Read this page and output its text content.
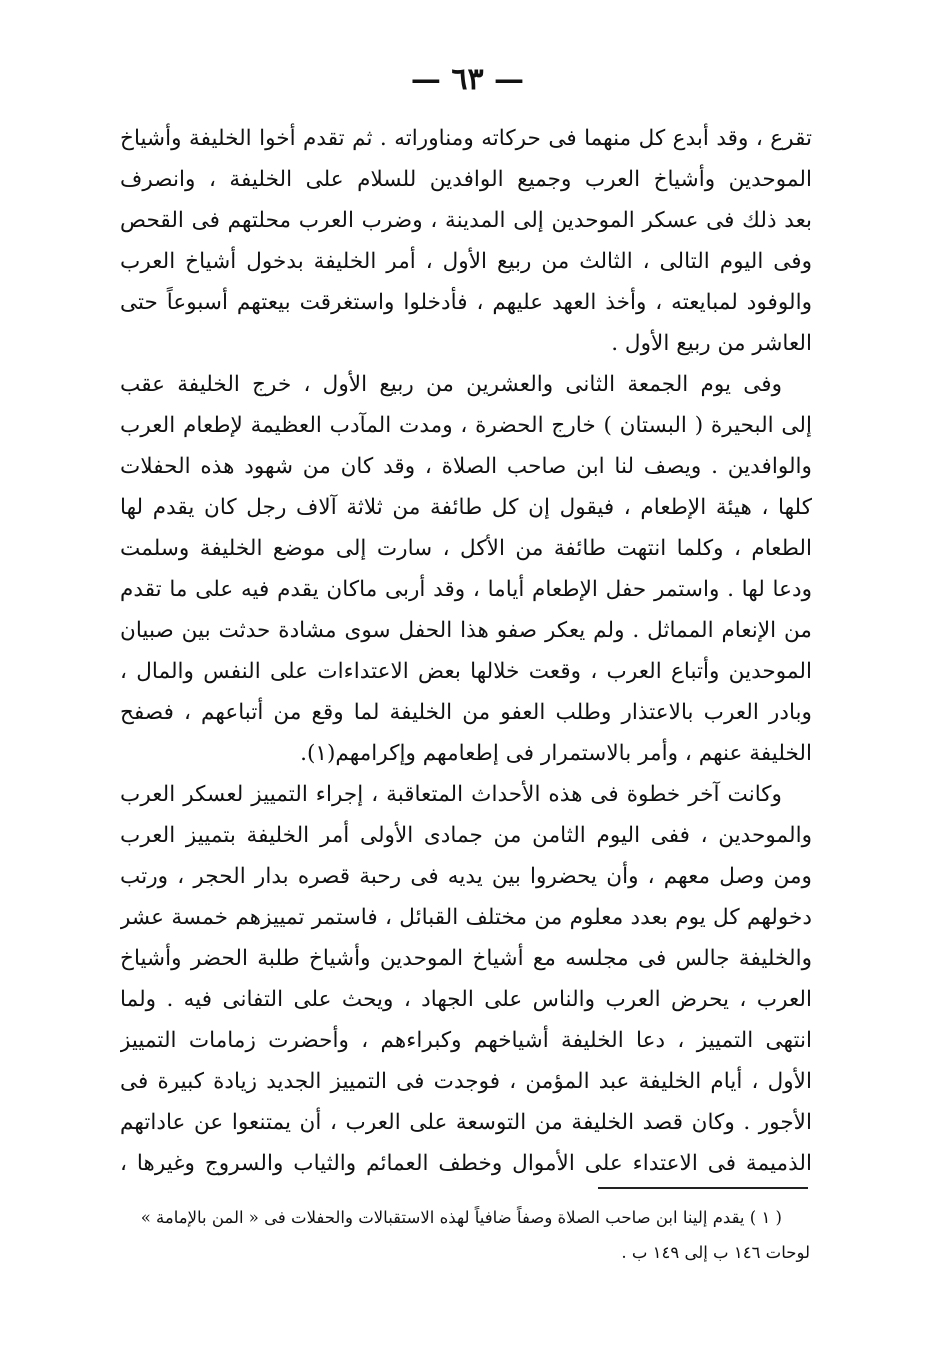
— ٦٣ —

تقرع ، وقد أبدع كل منهما فى حركاته ومناوراته . ثم تقدم أخوا الخليفة وأشياخ

الموحدين وأشياخ العرب وجميع الوافدين للسلام على الخليفة ، وانصرف

بعد ذلك فى عسكر الموحدين إلى المدينة ، وضرب العرب محلتهم فى القحص

وفى اليوم التالى ، الثالث من ربيع الأول ، أمر الخليفة بدخول أشياخ العرب

والوفود لمبايعته ، وأخذ العهد عليهم ، فأدخلوا واستغرقت بيعتهم أسبوعاً حتى

العاشر من ربيع الأول .

وفى يوم الجمعة الثانى والعشرين من ربيع الأول ، خرج الخليفة عقب

إلى البحيرة ( البستان ) خارج الحضرة ، ومدت المآدب العظيمة لإطعام العرب

والوافدين . ويصف لنا ابن صاحب الصلاة ، وقد كان من شهود هذه الحفلات

كلها ، هيئة الإطعام ، فيقول إن كل طائفة من ثلاثة آلاف رجل كان يقدم لها

الطعام ، وكلما انتهت طائفة من الأكل ، سارت إلى موضع الخليفة وسلمت

ودعا لها . واستمر حفل الإطعام أياما ، وقد أربى ماكان يقدم فيه على ما تقدم

من الإنعام المماثل . ولم يعكر صفو هذا الحفل سوى مشادة حدثت بين صبيان

الموحدين وأتباع العرب ، وقعت خلالها بعض الاعتداءات على النفس والمال ،

وبادر العرب بالاعتذار وطلب العفو من الخليفة لما وقع من أتباعهم ، فصفح

الخليفة عنهم ، وأمر بالاستمرار فى إطعامهم وإكرامهم(١).

وكانت آخر خطوة فى هذه الأحداث المتعاقبة ، إجراء التمييز لعسكر العرب

والموحدين ، ففى اليوم الثامن من جمادى الأولى أمر الخليفة بتمييز العرب

ومن وصل معهم ، وأن يحضروا بين يديه فى رحبة قصره بدار الحجر ، ورتب

دخولهم كل يوم بعدد معلوم من مختلف القبائل ، فاستمر تمييزهم خمسة عشر

والخليفة جالس فى مجلسه مع أشياخ الموحدين وأشياخ طلبة الحضر وأشياخ

العرب ، يحرض العرب والناس على الجهاد ، ويحث على التفانى فيه . ولما

انتهى التمييز ، دعا الخليفة أشياخهم وكبراءهم ، وأحضرت زمامات التمييز

الأول ، أيام الخليفة عبد المؤمن ، فوجدت فى التمييز الجديد زيادة كبيرة فى

الأجور . وكان قصد الخليفة من التوسعة على العرب ، أن يمتنعوا عن عاداتهم

الذميمة فى الاعتداء على الأموال وخطف العمائم والثياب والسروج وغيرها ،

( ١ ) يقدم إلينا ابن صاحب الصلاة وصفاً ضافياً لهذه الاستقبالات والحفلات فى « المن بالإمامة »

لوحات ١٤٦ ب إلى ١٤٩ ب .
